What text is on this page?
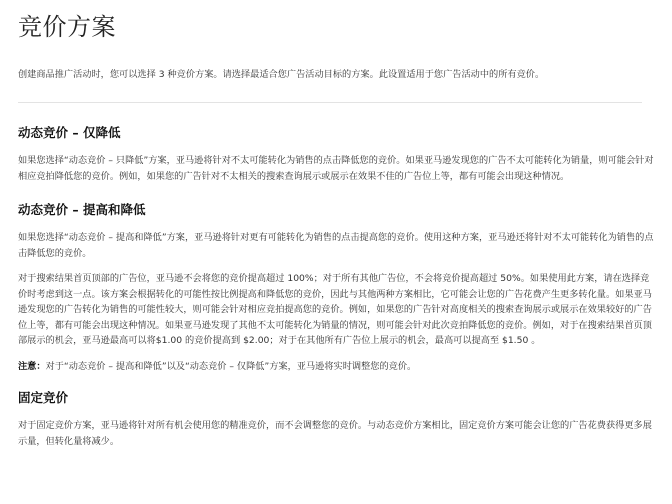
竞价方案

创建商品推广活动时，您可以选择 3 种竞价方案。请选择最适合您广告活动目标的方案。此设置适用于您广告活动中的所有竞价。

动态竞价 – 仅降低

如果您选择“动态竞价 – 只降低”方案，亚马逊将针对不太可能转化为销售的点击降低您的竞价。如果亚马逊发现您的广告不太可能转化为销量，则可能会针对相应竞拍降低您的竞价。例如，如果您的广告针对不太相关的搜索查询展示或展示在效果不佳的广告位上等，都有可能会出现这种情况。

动态竞价 – 提高和降低

如果您选择“动态竞价 – 提高和降低”方案，亚马逊将针对更有可能转化为销售的点击提高您的竞价。使用这种方案，亚马逊还将针对不太可能转化为销售的点击降低您的竞价。

对于搜索结果首页顶部的广告位，亚马逊不会将您的竞价提高超过 100%；对于所有其他广告位，不会将竞价提高超过 50%。如果使用此方案，请在选择竞价时考虑到这一点。该方案会根据转化的可能性按比例提高和降低您的竞价，因此与其他两种方案相比，它可能会让您的广告花费产生更多转化量。如果亚马逊发现您的广告转化为销售的可能性较大，则可能会针对相应竞拍提高您的竞价。例如，如果您的广告针对高度相关的搜索查询展示或展示在效果较好的广告位上等，都有可能会出现这种情况。如果亚马逊发现了其他不太可能转化为销量的情况，则可能会针对此次竞拍降低您的竞价。例如，对于在搜索结果首页顶部展示的机会，亚马逊最高可以将$1.00 的竞价提高到 $2.00；对于在其他所有广告位上展示的机会，最高可以提高至 $1.50 。

注意：对于“动态竞价 – 提高和降低”以及“动态竞价 – 仅降低”方案，亚马逊将实时调整您的竞价。

固定竞价

对于固定竞价方案，亚马逊将针对所有机会使用您的精准竞价，而不会调整您的竞价。与动态竞价方案相比，固定竞价方案可能会让您的广告花费获得更多展示量，但转化量将减少。
